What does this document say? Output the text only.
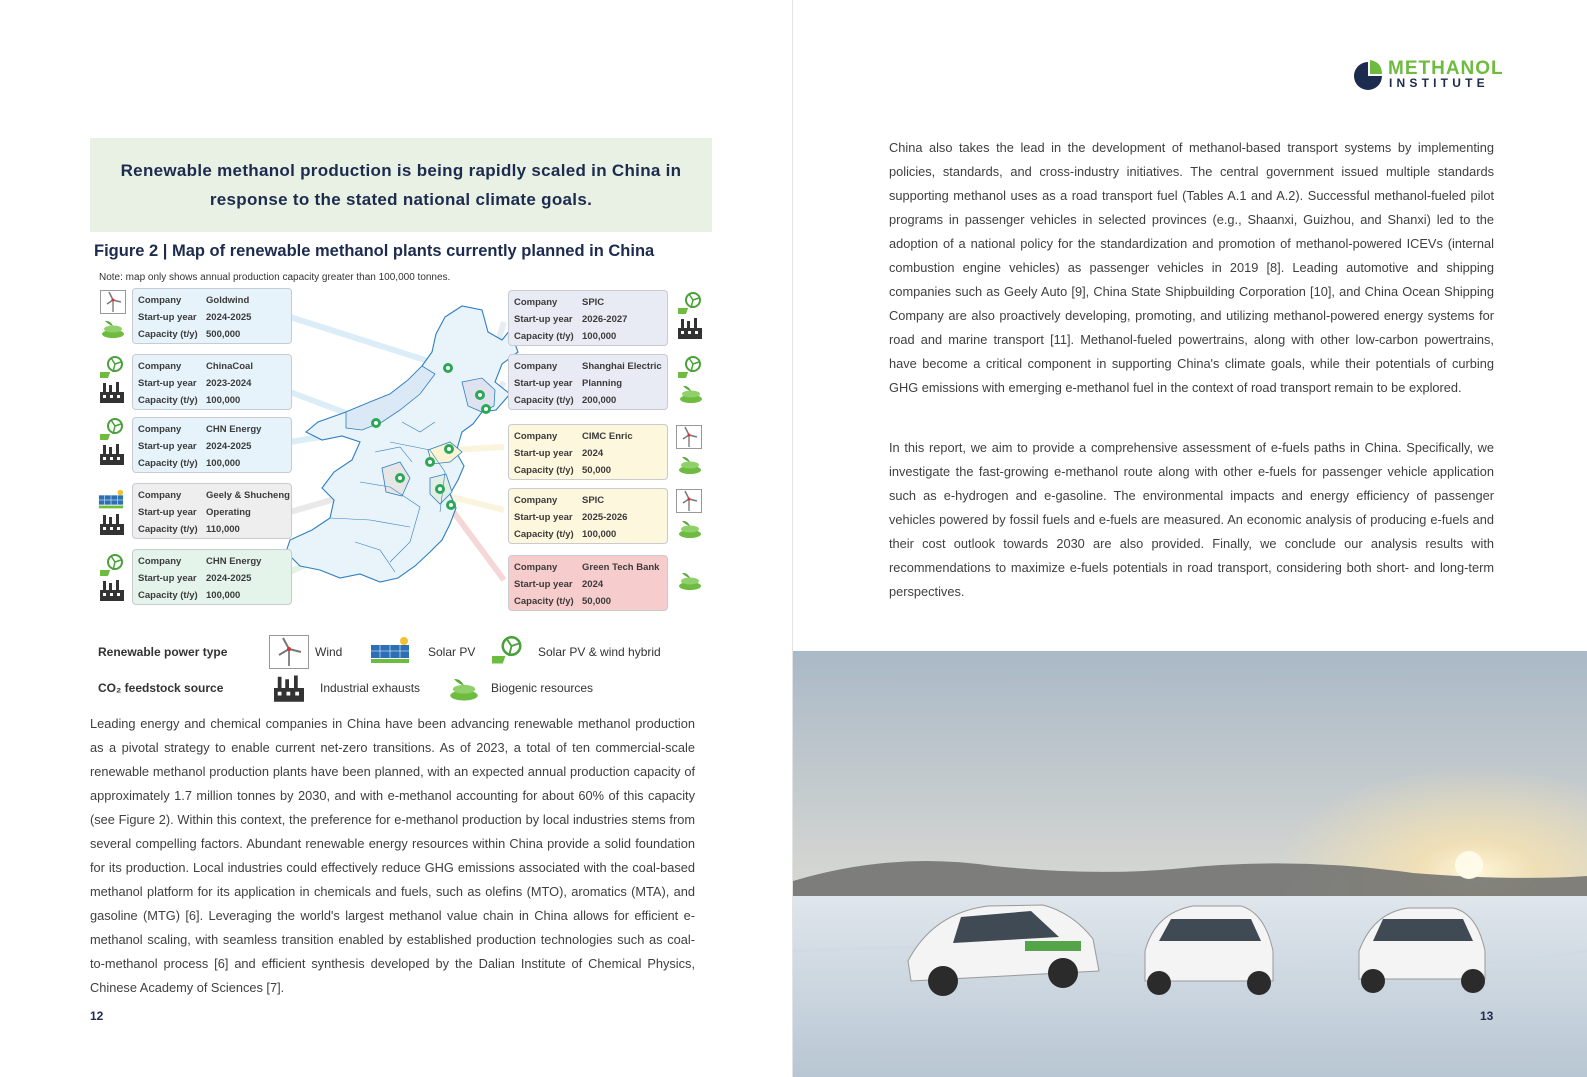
Renewable methanol production is being rapidly scaled in China in response to the stated national climate goals.
Figure 2 | Map of renewable methanol plants currently planned in China
Note: map only shows annual production capacity greater than 100,000 tonnes.
Company	Goldwind
Start-up year 2024-2025
Capacity (t/y) 500,000
Company	ChinaCoal
Start-up year 2023-2024
Capacity (t/y) 100,000
Company	CHN Energy
Start-up year 2024-2025
Capacity (t/y) 100,000
Company	Geely & Shucheng
Start-up year Operating
Capacity (t/y) 110,000
Company	CHN Energy
Start-up year 2024-2025
Capacity (t/y) 100,000
Company	SPIC
Start-up year 2026-2027
Capacity (t/y) 100,000
Company	Shanghai Electric
Start-up year Planning
Capacity (t/y) 200,000
Company	CIMC Enric
Start-up year 2024
Capacity (t/y) 50,000
Company	SPIC
Start-up year 2025-2026
Capacity (t/y) 100,000
Company	Green Tech Bank
Start-up year 2024
Capacity (t/y) 50,000
Renewable power type	Wind	Solar PV	Solar PV & wind hybrid
CO₂ feedstock source	Industrial exhausts	Biogenic resources
Leading energy and chemical companies in China have been advancing renewable methanol production as a pivotal strategy to enable current net-zero transitions. As of 2023, a total of ten commercial-scale renewable methanol production plants have been planned, with an expected annual production capacity of approximately 1.7 million tonnes by 2030, and with e-methanol accounting for about 60% of this capacity (see Figure 2). Within this context, the preference for e-methanol production by local industries stems from several compelling factors. Abundant renewable energy resources within China provide a solid foundation for its production. Local industries could effectively reduce GHG emissions associated with the coal-based methanol platform for its application in chemicals and fuels, such as olefins (MTO), aromatics (MTA), and gasoline (MTG) [6]. Leveraging the world's largest methanol value chain in China allows for efficient e-methanol scaling, with seamless transition enabled by established production technologies such as coal-to-methanol process [6] and efficient synthesis developed by the Dalian Institute of Chemical Physics, Chinese Academy of Sciences [7].
12
METHANOL
INSTITUTE
China also takes the lead in the development of methanol-based transport systems by implementing policies, standards, and cross-industry initiatives. The central government issued multiple standards supporting methanol uses as a road transport fuel (Tables A.1 and A.2). Successful methanol-fueled pilot programs in passenger vehicles in selected provinces (e.g., Shaanxi, Guizhou, and Shanxi) led to the adoption of a national policy for the standardization and promotion of methanol-powered ICEVs (internal combustion engine vehicles) as passenger vehicles in 2019 [8]. Leading automotive and shipping companies such as Geely Auto [9], China State Shipbuilding Corporation [10], and China Ocean Shipping Company are also proactively developing, promoting, and utilizing methanol-powered energy systems for road and marine transport [11]. Methanol-fueled powertrains, along with other low-carbon powertrains, have become a critical component in supporting China's climate goals, while their potentials of curbing GHG emissions with emerging e-methanol fuel in the context of road transport remain to be explored.
In this report, we aim to provide a comprehensive assessment of e-fuels paths in China. Specifically, we investigate the fast-growing e-methanol route along with other e-fuels for passenger vehicle application such as e-hydrogen and e-gasoline. The environmental impacts and energy efficiency of passenger vehicles powered by fossil fuels and e-fuels are measured. An economic analysis of producing e-fuels and their cost outlook towards 2030 are also provided. Finally, we conclude our analysis results with recommendations to maximize e-fuels potentials in road transport, considering both short- and long-term perspectives.
13
